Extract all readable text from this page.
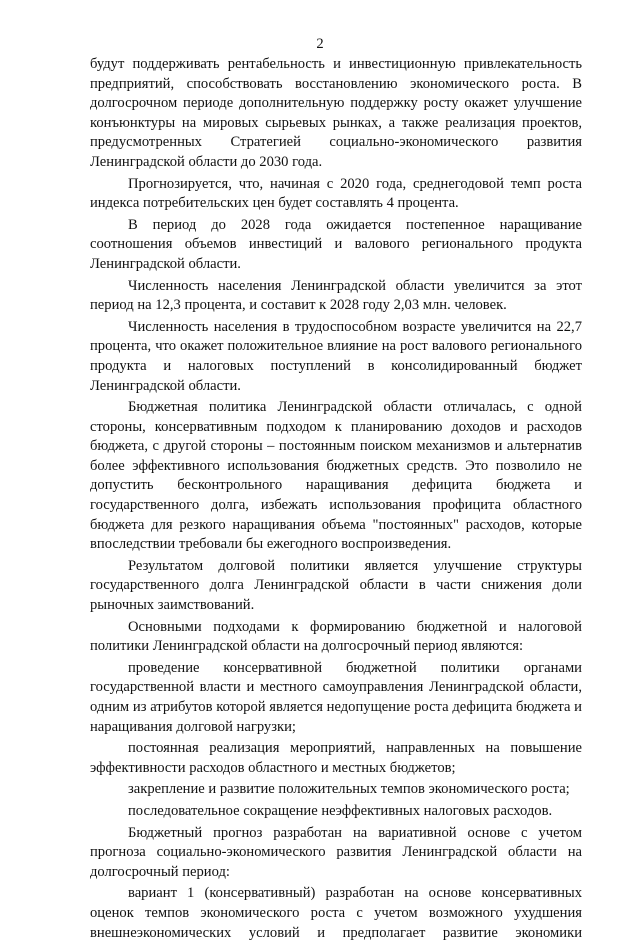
2

будут поддерживать рентабельность и инвестиционную привлекательность предприятий, способствовать восстановлению экономического роста. В долгосрочном периоде дополнительную поддержку росту окажет улучшение конъюнктуры на мировых сырьевых рынках, а также реализация проектов, предусмотренных Стратегией социально-экономического развития Ленинградской области до 2030 года.

Прогнозируется, что, начиная с 2020 года, среднегодовой темп роста индекса потребительских цен будет составлять 4 процента.

В период до 2028 года ожидается постепенное наращивание соотношения объемов инвестиций и валового регионального продукта Ленинградской области.

Численность населения Ленинградской области увеличится за этот период на 12,3 процента, и составит к 2028 году 2,03 млн. человек.

Численность населения в трудоспособном возрасте увеличится на 22,7 процента, что окажет положительное влияние на рост валового регионального продукта и налоговых поступлений в консолидированный бюджет Ленинградской области.

Бюджетная политика Ленинградской области отличалась, с одной стороны, консервативным подходом к планированию доходов и расходов бюджета, с другой стороны – постоянным поиском механизмов и альтернатив более эффективного использования бюджетных средств. Это позволило не допустить бесконтрольного наращивания дефицита бюджета и государственного долга, избежать использования профицита областного бюджета для резкого наращивания объема "постоянных" расходов, которые впоследствии требовали бы ежегодного воспроизведения.

Результатом долговой политики является улучшение структуры государственного долга Ленинградской области в части снижения доли рыночных заимствований.

Основными подходами к формированию бюджетной и налоговой политики Ленинградской области на долгосрочный период являются:

проведение консервативной бюджетной политики органами государственной власти и местного самоуправления Ленинградской области, одним из атрибутов которой является недопущение роста дефицита бюджета и наращивания долговой нагрузки;

постоянная реализация мероприятий, направленных на повышение эффективности расходов областного и местных бюджетов;

закрепление и развитие положительных темпов экономического роста;

последовательное сокращение неэффективных налоговых расходов.

Бюджетный прогноз разработан на вариативной основе с учетом прогноза социально-экономического развития Ленинградской области на долгосрочный период:

вариант 1 (консервативный) разработан на основе консервативных оценок темпов экономического роста с учетом возможного ухудшения внешнеэкономических условий и предполагает развитие экономики
